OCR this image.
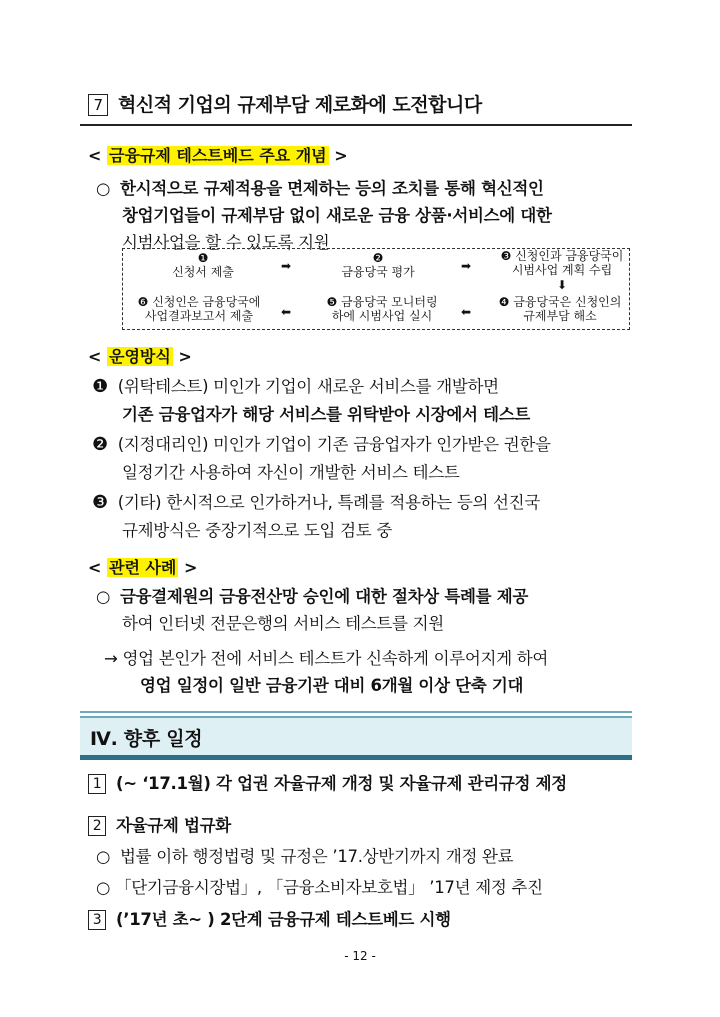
7 혁신적 기업의 규제부담 제로화에 도전합니다
< 금융규제 테스트베드 주요 개념 >
○ 한시적으로 규제적용을 면제하는 등의 조치를 통해 혁신적인
창업기업들이 규제부담 없이 새로운 금융 상품·서비스에 대한
시범사업을 할 수 있도록 지원
❶
신청서 제출	➡
❷
금융당국 평가	➡
❸ 신청인과 금융당국이
시범사업 계획 수립
⬇
❹ 금융당국은 신청인의
규제부담 해소
⬅
❺ 금융당국 모니터링
하에 시범사업 실시
⬅
❻ 신청인은 금융당국에
사업결과보고서 제출
< 운영방식 >
❶ (위탁테스트) 미인가 기업이 새로운 서비스를 개발하면
기존 금융업자가 해당 서비스를 위탁받아 시장에서 테스트
❷ (지정대리인) 미인가 기업이 기존 금융업자가 인가받은 권한을
일정기간 사용하여 자신이 개발한 서비스 테스트
❸ (기타) 한시적으로 인가하거나, 특례를 적용하는 등의 선진국
규제방식은 중장기적으로 도입 검토 중
< 관련 사례 >
○ 금융결제원의 금융전산망 승인에 대한 절차상 특례를 제공
하여 인터넷 전문은행의 서비스 테스트를 지원
→ 영업 본인가 전에 서비스 테스트가 신속하게 이루어지게 하여
영업 일정이 일반 금융기관 대비 6개월 이상 단축 기대
Ⅳ. 향후 일정
1 (~ ‘17.1월) 각 업권 자율규제 개정 및 자율규제 관리규정 제정
2 자율규제 법규화
○ 법률 이하 행정법령 및 규정은 ’17.상반기까지 개정 완료
○ 「단기금융시장법」, 「금융소비자보호법」 ’17년 제정 추진
3 (’17년 초~ ) 2단계 금융규제 테스트베드 시행
- 12 -
